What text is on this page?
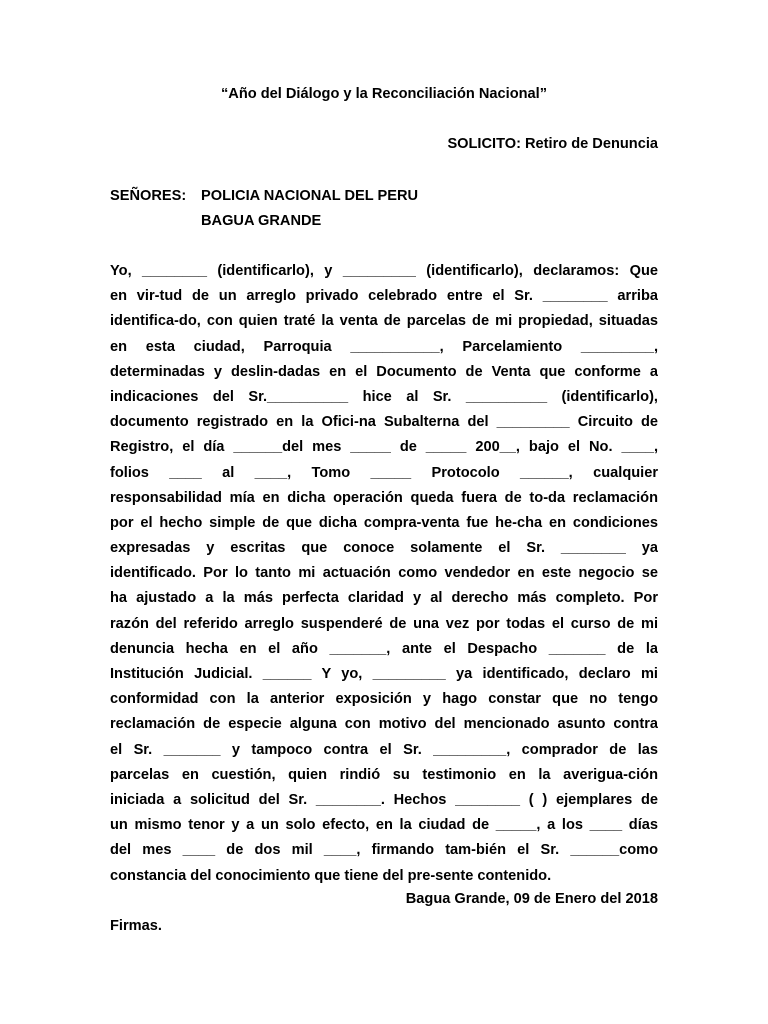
“Año del Diálogo y la Reconciliación Nacional”
SOLICITO: Retiro de Denuncia
SEÑORES:	POLICIA NACIONAL DEL PERU
BAGUA GRANDE
Yo, ________ (identificarlo), y _________ (identificarlo), declaramos: Que
en vir-tud de un arreglo privado celebrado entre el Sr. ________ arriba
identifica-do, con quien traté la venta de parcelas de mi propiedad, situadas
en esta ciudad, Parroquia ___________, Parcelamiento _________,
determinadas y deslin-dadas en el Documento de Venta que conforme a
indicaciones del Sr.__________ hice al Sr. __________ (identificarlo),
documento registrado en la Ofici-na Subalterna del _________ Circuito de
Registro, el día ______del mes _____ de _____ 200__, bajo el No. ____,
folios ____ al ____, Tomo _____ Protocolo ______, cualquier
responsabilidad mía en dicha operación queda fuera de to-da reclamación
por el hecho simple de que dicha compra-venta fue he-cha en condiciones
expresadas y escritas que conoce solamente el Sr. ________ ya
identificado. Por lo tanto mi actuación como vendedor en este negocio se
ha ajustado a la más perfecta claridad y al derecho más completo. Por
razón del referido arreglo suspenderé de una vez por todas el curso de mi
denuncia hecha en el año _______, ante el Despacho _______ de la
Institución Judicial. ______ Y yo, _________ ya identificado, declaro mi
conformidad con la anterior exposición y hago constar que no tengo
reclamación de especie alguna con motivo del mencionado asunto contra
el Sr. _______ y tampoco contra el Sr. _________, comprador de las
parcelas en cuestión, quien rindió su testimonio en la averigua-ción
iniciada a solicitud del Sr. ________. Hechos ________ ( ) ejemplares de
un mismo tenor y a un solo efecto, en la ciudad de _____, a los ____ días
del mes ____ de dos mil ____, firmando tam-bién el Sr. ______como
constancia del conocimiento que tiene del pre-sente contenido.
Bagua Grande, 09 de Enero del 2018
Firmas.
